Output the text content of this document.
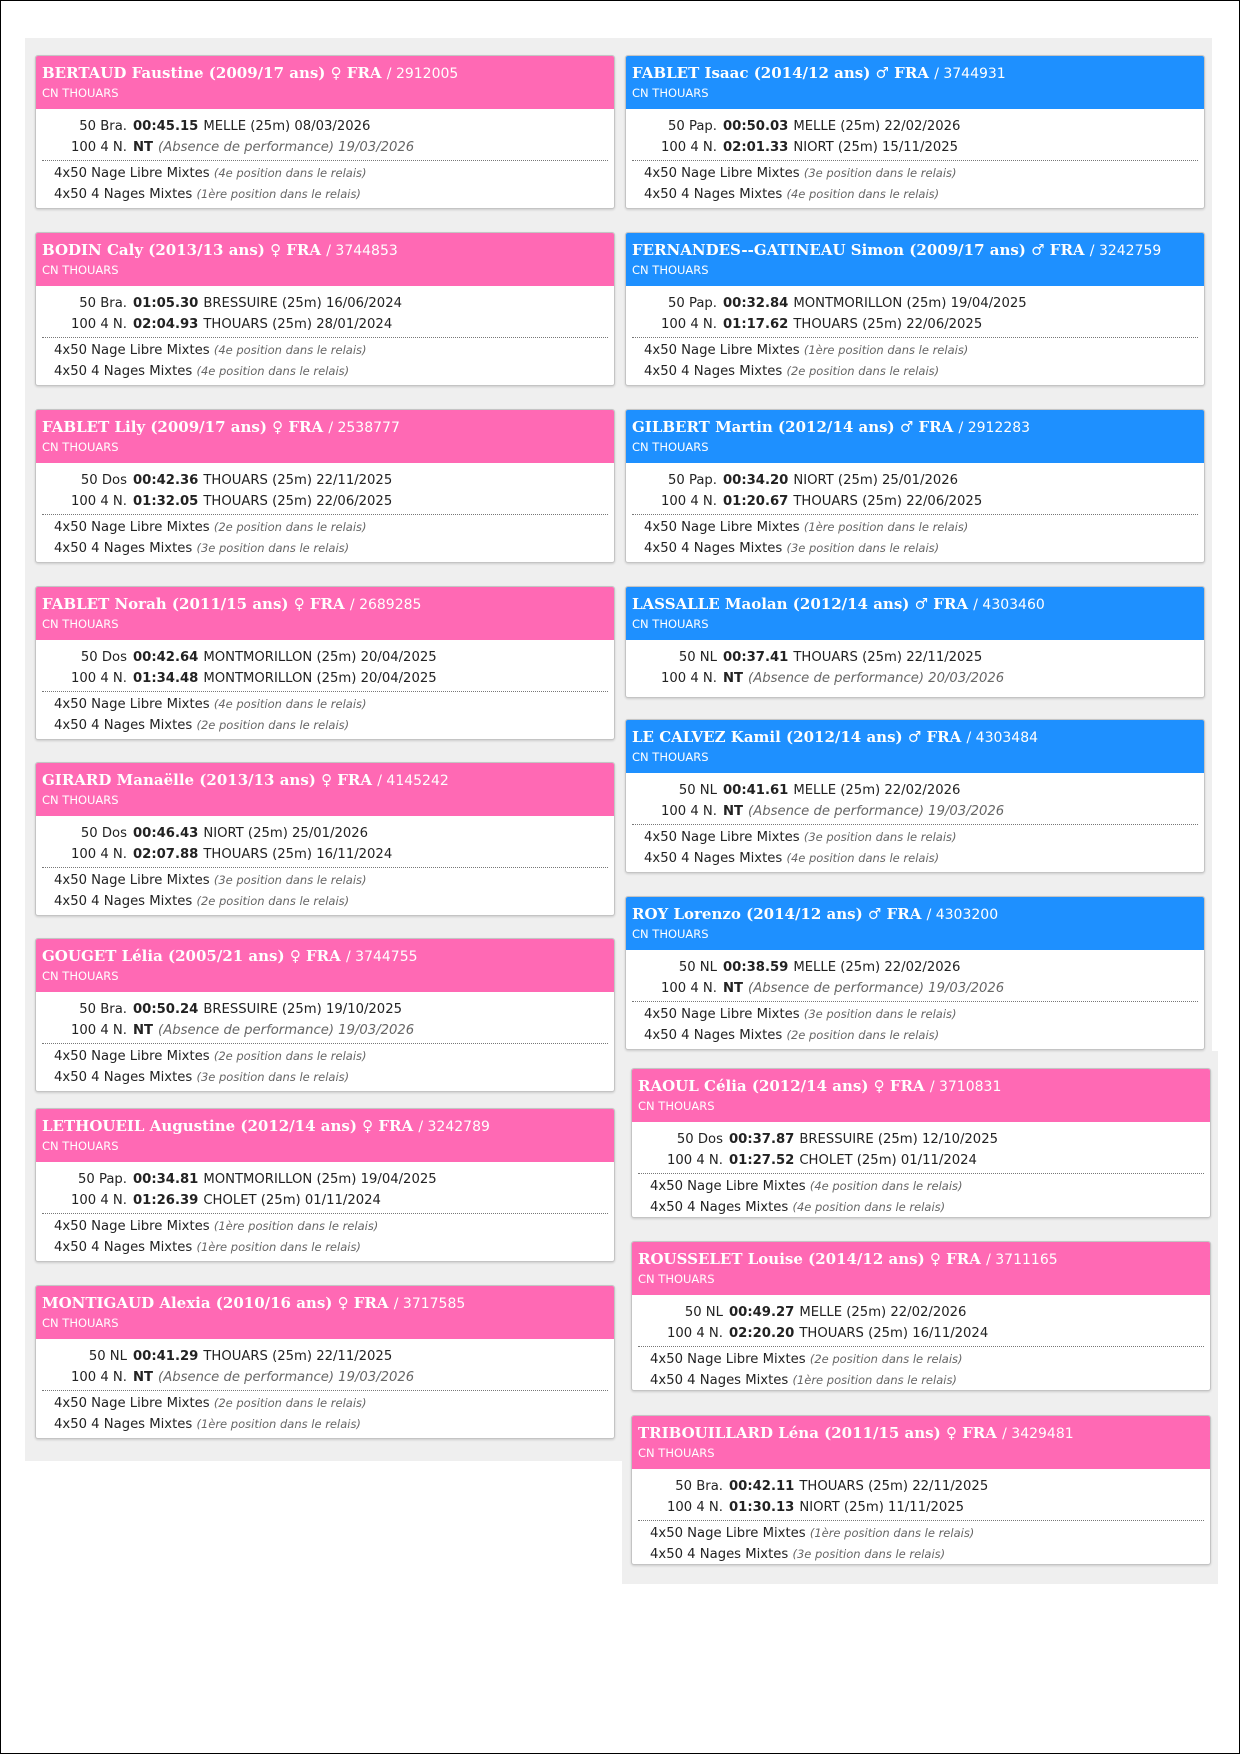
BERTAUD Faustine (2009/17 ans) ♀ FRA / 2912005
CN THOUARS
50 Bra. 00:45.15 MELLE (25m) 08/03/2026
100 4 N. NT (Absence de performance) 19/03/2026
4x50 Nage Libre Mixtes
(4e position dans le relais)
4x50 4 Nages Mixtes
(1ère position dans le relais)
BODIN Caly (2013/13 ans) ♀ FRA / 3744853
CN THOUARS
50 Bra. 01:05.30 BRESSUIRE (25m) 16/06/2024
100 4 N. 02:04.93 THOUARS (25m) 28/01/2024
4x50 Nage Libre Mixtes
(4e position dans le relais)
4x50 4 Nages Mixtes
(4e position dans le relais)
FABLET Lily (2009/17 ans) ♀ FRA / 2538777
CN THOUARS
50 Dos 00:42.36 THOUARS (25m) 22/11/2025
100 4 N. 01:32.05 THOUARS (25m) 22/06/2025
4x50 Nage Libre Mixtes
(2e position dans le relais)
4x50 4 Nages Mixtes
(3e position dans le relais)
FABLET Norah (2011/15 ans) ♀ FRA / 2689285
CN THOUARS
50 Dos 00:42.64 MONTMORILLON (25m) 20/04/2025
100 4 N. 01:34.48 MONTMORILLON (25m) 20/04/2025
4x50 Nage Libre Mixtes
(4e position dans le relais)
4x50 4 Nages Mixtes
(2e position dans le relais)
GIRARD Manaëlle (2013/13 ans) ♀ FRA / 4145242
CN THOUARS
50 Dos 00:46.43 NIORT (25m) 25/01/2026
100 4 N. 02:07.88 THOUARS (25m) 16/11/2024
4x50 Nage Libre Mixtes
(3e position dans le relais)
4x50 4 Nages Mixtes
(2e position dans le relais)
GOUGET Lélia (2005/21 ans) ♀ FRA / 3744755
CN THOUARS
50 Bra. 00:50.24 BRESSUIRE (25m) 19/10/2025
100 4 N. NT (Absence de performance) 19/03/2026
4x50 Nage Libre Mixtes
(2e position dans le relais)
4x50 4 Nages Mixtes
(3e position dans le relais)
LETHOUEIL Augustine (2012/14 ans) ♀ FRA / 3242789
CN THOUARS
50 Pap. 00:34.81 MONTMORILLON (25m) 19/04/2025
100 4 N. 01:26.39 CHOLET (25m) 01/11/2024
4x50 Nage Libre Mixtes
(1ère position dans le relais)
4x50 4 Nages Mixtes
(1ère position dans le relais)
MONTIGAUD Alexia (2010/16 ans) ♀ FRA / 3717585
CN THOUARS
50 NL 00:41.29 THOUARS (25m) 22/11/2025
100 4 N. NT (Absence de performance) 19/03/2026
4x50 Nage Libre Mixtes
(2e position dans le relais)
4x50 4 Nages Mixtes
(1ère position dans le relais)
FABLET Isaac (2014/12 ans) ♂ FRA / 3744931
CN THOUARS
50 Pap. 00:50.03 MELLE (25m) 22/02/2026
100 4 N. 02:01.33 NIORT (25m) 15/11/2025
4x50 Nage Libre Mixtes
(3e position dans le relais)
4x50 4 Nages Mixtes
(4e position dans le relais)
FERNANDES--GATINEAU Simon (2009/17 ans) ♂ FRA / 3242759
CN THOUARS
50 Pap. 00:32.84 MONTMORILLON (25m) 19/04/2025
100 4 N. 01:17.62 THOUARS (25m) 22/06/2025
4x50 Nage Libre Mixtes
(1ère position dans le relais)
4x50 4 Nages Mixtes
(2e position dans le relais)
GILBERT Martin (2012/14 ans) ♂ FRA / 2912283
CN THOUARS
50 Pap. 00:34.20 NIORT (25m) 25/01/2026
100 4 N. 01:20.67 THOUARS (25m) 22/06/2025
4x50 Nage Libre Mixtes
(1ère position dans le relais)
4x50 4 Nages Mixtes
(3e position dans le relais)
LASSALLE Maolan (2012/14 ans) ♂ FRA / 4303460
CN THOUARS
50 NL 00:37.41 THOUARS (25m) 22/11/2025
100 4 N. NT (Absence de performance) 20/03/2026
LE CALVEZ Kamil (2012/14 ans) ♂ FRA / 4303484
CN THOUARS
50 NL 00:41.61 MELLE (25m) 22/02/2026
100 4 N. NT (Absence de performance) 19/03/2026
4x50 Nage Libre Mixtes
(3e position dans le relais)
4x50 4 Nages Mixtes
(4e position dans le relais)
ROY Lorenzo (2014/12 ans) ♂ FRA / 4303200
CN THOUARS
50 NL 00:38.59 MELLE (25m) 22/02/2026
100 4 N. NT (Absence de performance) 19/03/2026
4x50 Nage Libre Mixtes
(3e position dans le relais)
4x50 4 Nages Mixtes
(2e position dans le relais)
RAOUL Célia (2012/14 ans) ♀ FRA / 3710831
CN THOUARS
50 Dos 00:37.87 BRESSUIRE (25m) 12/10/2025
100 4 N. 01:27.52 CHOLET (25m) 01/11/2024
4x50 Nage Libre Mixtes
(4e position dans le relais)
4x50 4 Nages Mixtes
(4e position dans le relais)
ROUSSELET Louise (2014/12 ans) ♀ FRA / 3711165
CN THOUARS
50 NL 00:49.27 MELLE (25m) 22/02/2026
100 4 N. 02:20.20 THOUARS (25m) 16/11/2024
4x50 Nage Libre Mixtes
(2e position dans le relais)
4x50 4 Nages Mixtes
(1ère position dans le relais)
TRIBOUILLARD Léna (2011/15 ans) ♀ FRA / 3429481
CN THOUARS
50 Bra. 00:42.11 THOUARS (25m) 22/11/2025
100 4 N. 01:30.13 NIORT (25m) 11/11/2025
4x50 Nage Libre Mixtes
(1ère position dans le relais)
4x50 4 Nages Mixtes
(3e position dans le relais)
